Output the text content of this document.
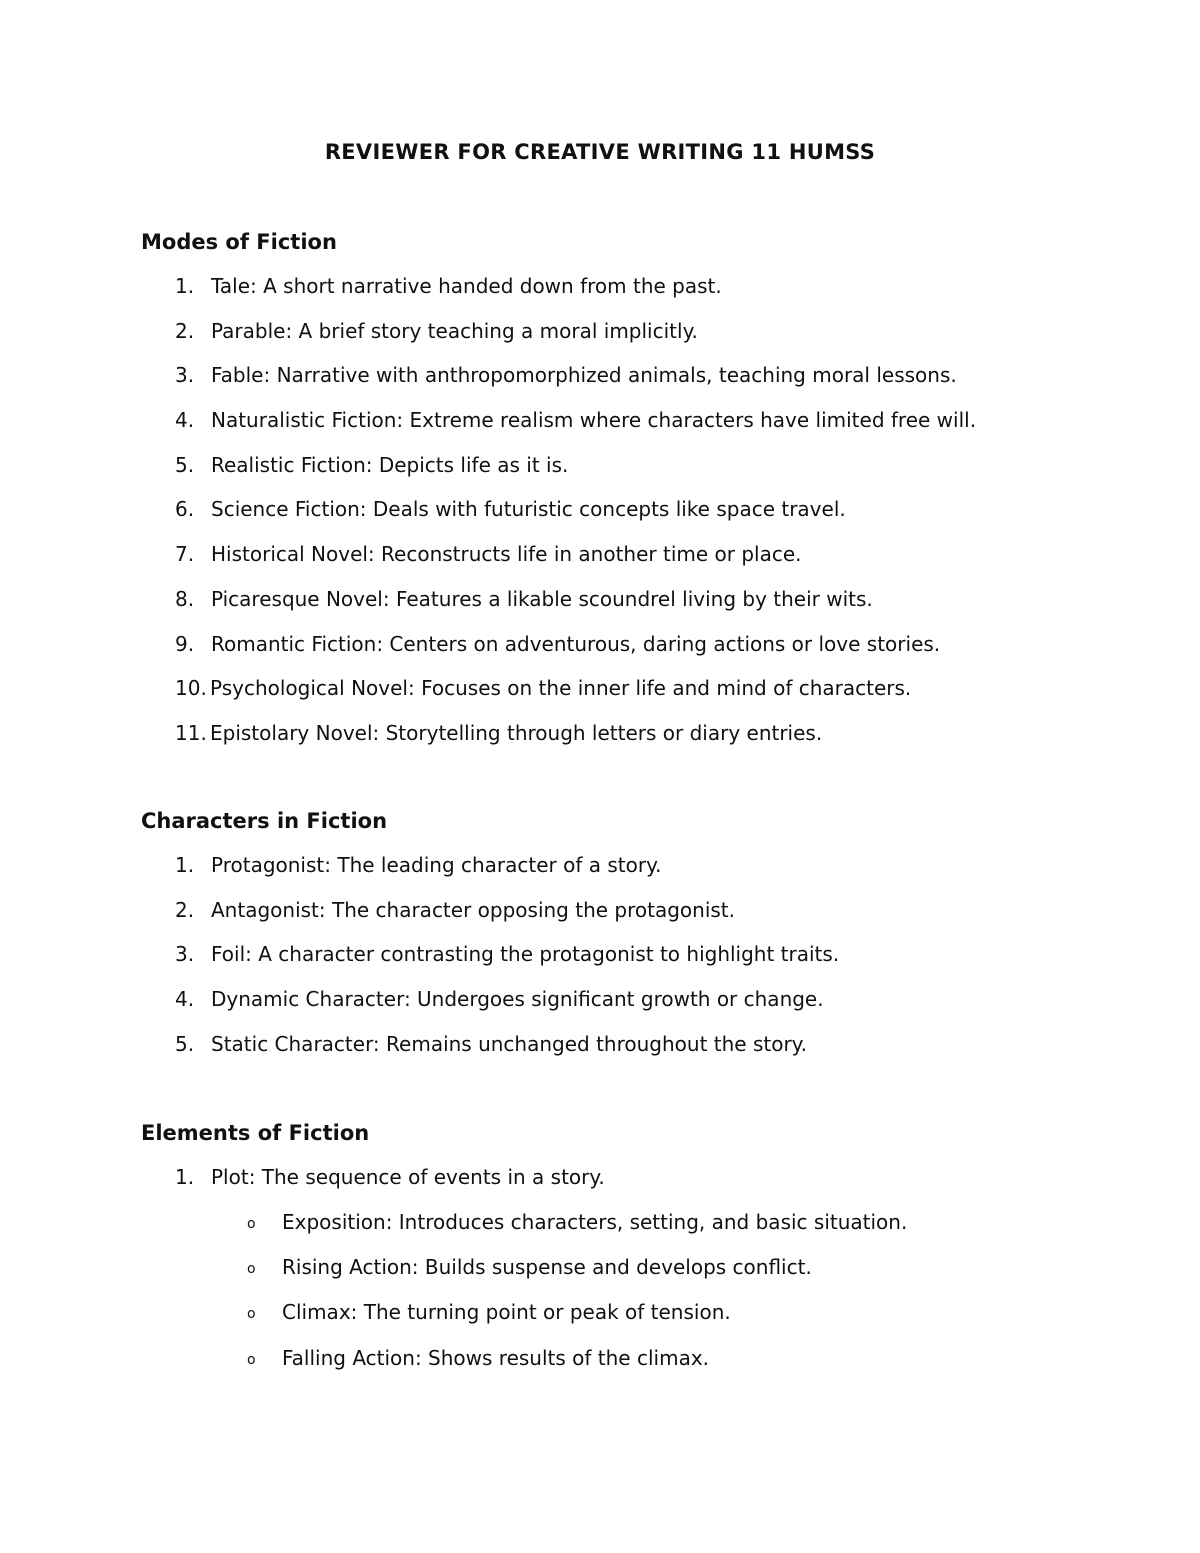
REVIEWER FOR CREATIVE WRITING 11 HUMSS
Modes of Fiction
1. Tale: A short narrative handed down from the past.
2. Parable: A brief story teaching a moral implicitly.
3. Fable: Narrative with anthropomorphized animals, teaching moral lessons.
4. Naturalistic Fiction: Extreme realism where characters have limited free will.
5. Realistic Fiction: Depicts life as it is.
6. Science Fiction: Deals with futuristic concepts like space travel.
7. Historical Novel: Reconstructs life in another time or place.
8. Picaresque Novel: Features a likable scoundrel living by their wits.
9. Romantic Fiction: Centers on adventurous, daring actions or love stories.
10. Psychological Novel: Focuses on the inner life and mind of characters.
11. Epistolary Novel: Storytelling through letters or diary entries.
Characters in Fiction
1. Protagonist: The leading character of a story.
2. Antagonist: The character opposing the protagonist.
3. Foil: A character contrasting the protagonist to highlight traits.
4. Dynamic Character: Undergoes significant growth or change.
5. Static Character: Remains unchanged throughout the story.
Elements of Fiction
1. Plot: The sequence of events in a story.
o Exposition: Introduces characters, setting, and basic situation.
o Rising Action: Builds suspense and develops conflict.
o Climax: The turning point or peak of tension.
o Falling Action: Shows results of the climax.
